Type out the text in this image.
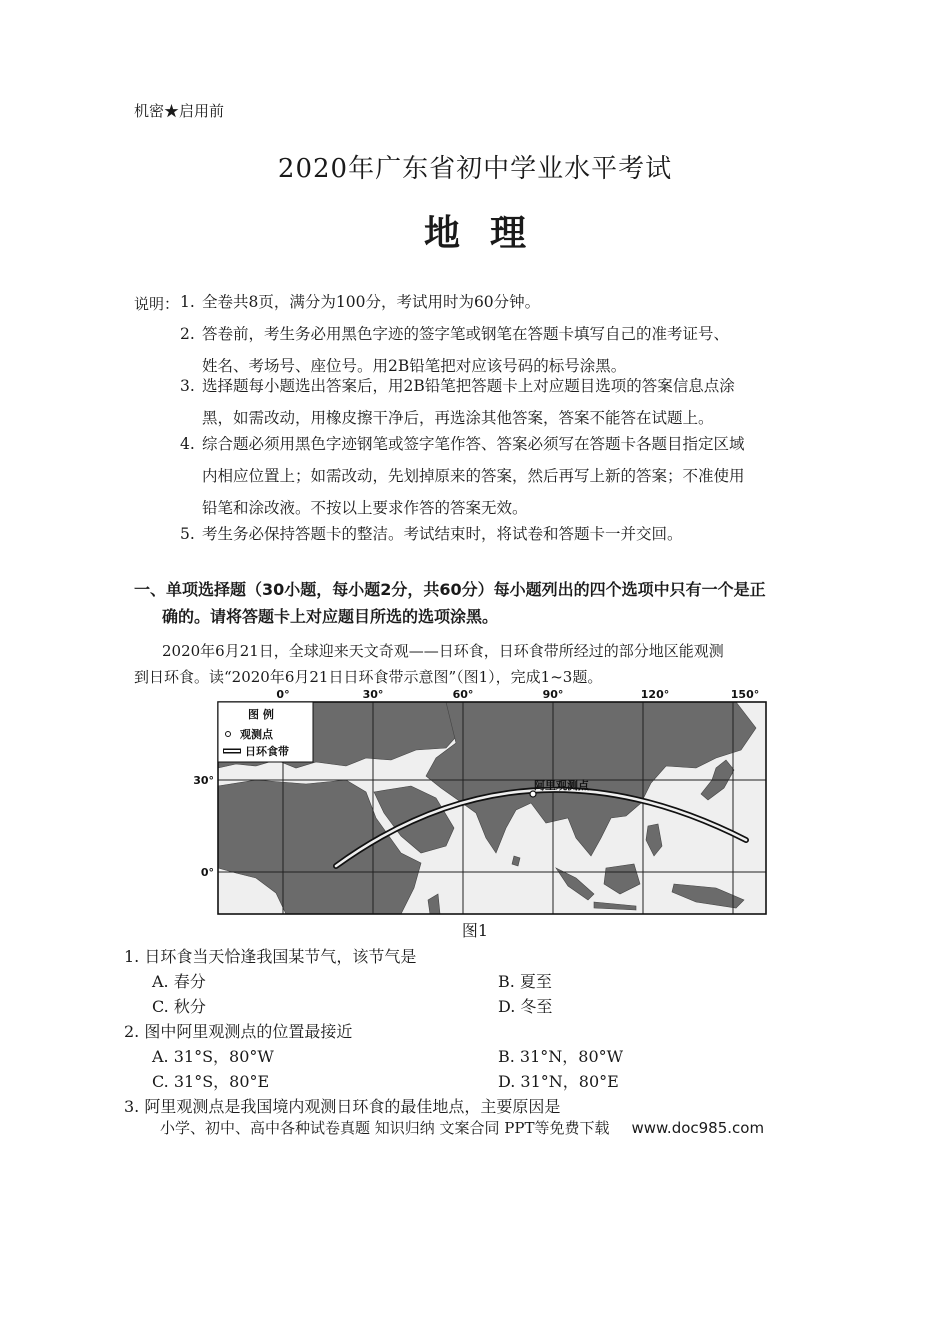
机密★启用前
2020年广东省初中学业水平考试
地理
说明： 1. 全卷共8页，满分为100分，考试用时为60分钟。
2. 答卷前，考生务必用黑色字迹的签字笔或钢笔在答题卡填写自己的准考证号、
姓名、考场号、座位号。用2B铅笔把对应该号码的标号涂黑。
3. 选择题每小题选出答案后，用2B铅笔把答题卡上对应题目选项的答案信息点涂
黑，如需改动，用橡皮擦干净后，再选涂其他答案，答案不能答在试题上。
4. 综合题必须用黑色字迹钢笔或签字笔作答、答案必须写在答题卡各题目指定区域
内相应位置上；如需改动，先划掉原来的答案，然后再写上新的答案；不准使用
铅笔和涂改液。不按以上要求作答的答案无效。
5. 考生务必保持答题卡的整洁。考试结束时，将试卷和答题卡一并交回。
一、单项选择题（30小题，每小题2分，共60分）每小题列出的四个选项中只有一个是正
确的。请将答题卡上对应题目所选的选项涂黑。
2020年6月21日，全球迎来天文奇观——日环食，日环食带所经过的部分地区能观测
到日环食。读“2020年6月21日日环食带示意图”（图1），完成1~3题。
阿里观测点
图 例
观测点
日环食带
0°	30°	60°	90°	120°	150°
30°
0°
图1
1. 日环食当天恰逢我国某节气，该节气是
A. 春分	B. 夏至
C. 秋分	D. 冬至
2. 图中阿里观测点的位置最接近
A. 31°S，80°W	B. 31°N，80°W
C. 31°S，80°E	D. 31°N，80°E
3. 阿里观测点是我国境内观测日环食的最佳地点，主要原因是
小学、初中、高中各种试卷真题 知识归纳 文案合同 PPT等免费下载 www.doc985.com
